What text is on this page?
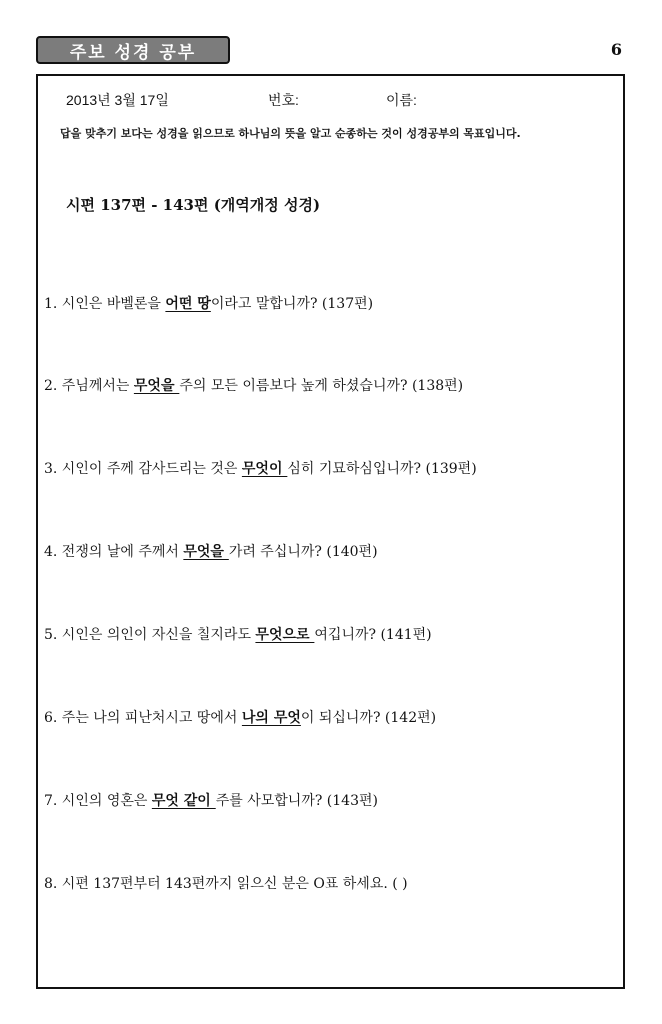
주보 성경 공부	6
2013년 3월 17일	번호:	이름:
답을 맞추기 보다는 성경을 읽으므로 하나님의 뜻을 알고 순종하는 것이 성경공부의 목표입니다.
시편 137편 - 143편 (개역개정 성경)
1. 시인은 바벨론을 어떤 땅이라고 말합니까? (137편)
2. 주님께서는 무엇을 주의 모든 이름보다 높게 하셨습니까? (138편)
3. 시인이 주께 감사드리는 것은 무엇이 심히 기묘하심입니까? (139편)
4. 전쟁의 날에 주께서 무엇을 가려 주십니까? (140편)
5. 시인은 의인이 자신을 칠지라도 무엇으로 여깁니까? (141편)
6. 주는 나의 피난처시고 땅에서 나의 무엇이 되십니까? (142편)
7. 시인의 영혼은 무엇 같이 주를 사모합니까? (143편)
8. 시편 137편부터 143편까지 읽으신 분은 O표 하세요. ( )
